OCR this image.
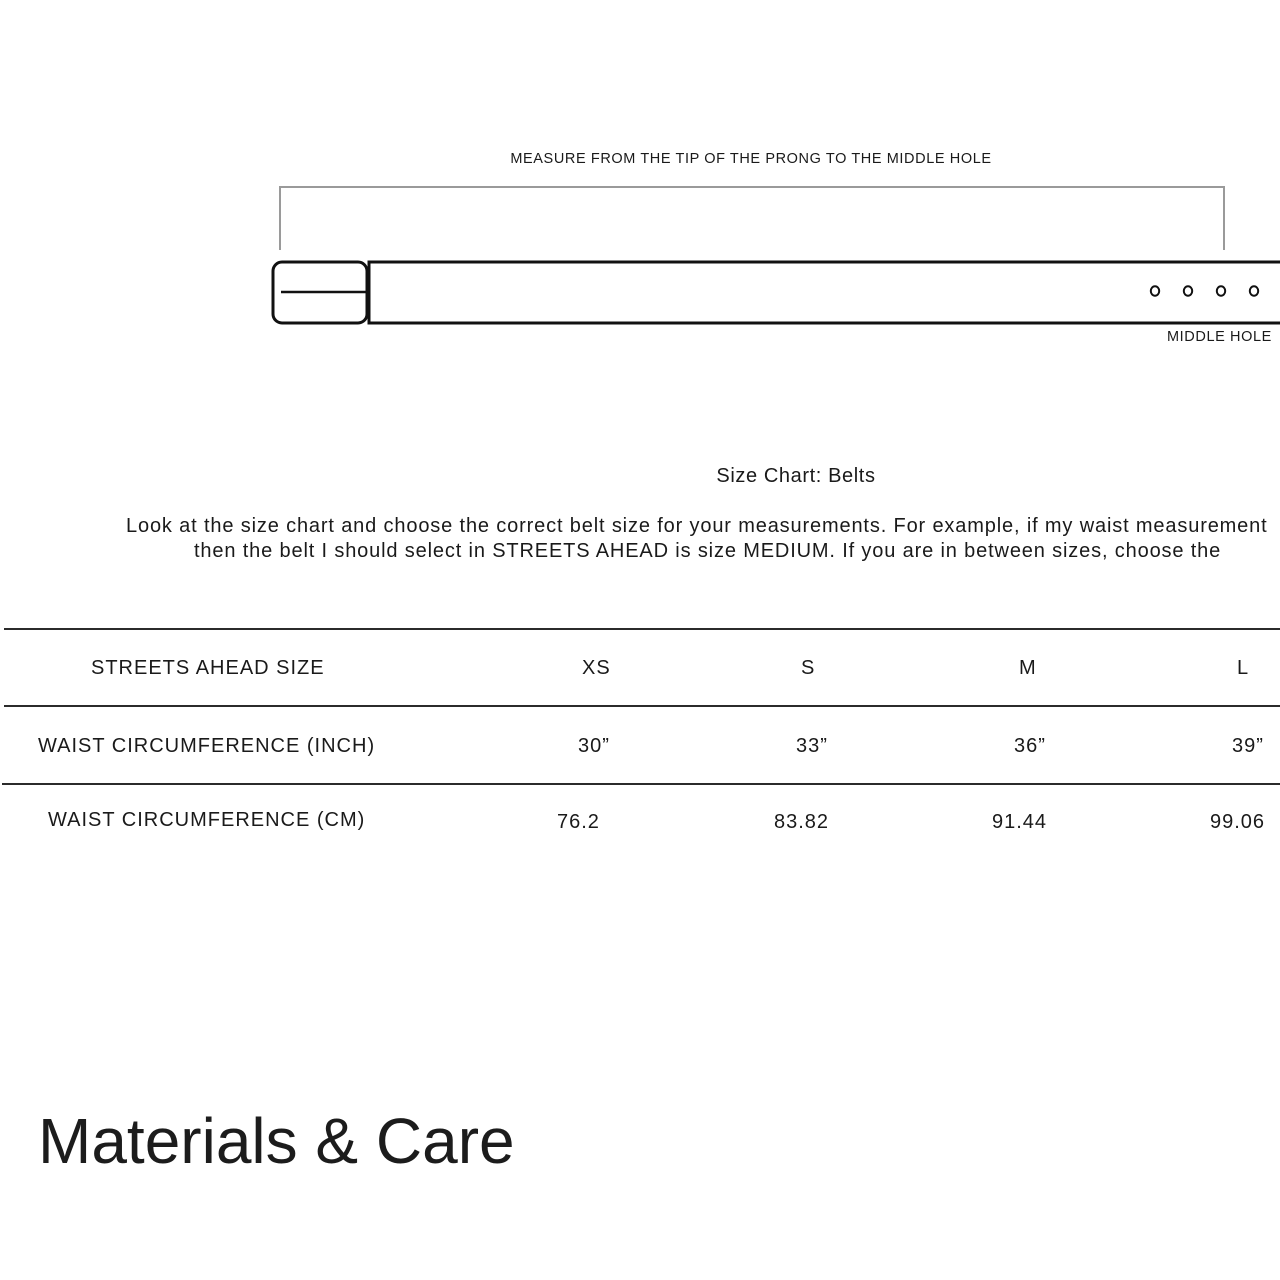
MEASURE FROM THE TIP OF THE PRONG TO THE MIDDLE HOLE
MIDDLE HOLE
Size Chart: Belts
Look at the size chart and choose the correct belt size for your measurements. For example, if my waist measurement
then the belt I should select in STREETS AHEAD is size MEDIUM. If you are in between sizes, choose the
STREETS AHEAD SIZE	XS	S	M	L
WAIST CIRCUMFERENCE (INCH)	30”	33”	36”	39”
WAIST CIRCUMFERENCE (CM)	76.2	83.82	91.44	99.06
Materials & Care
